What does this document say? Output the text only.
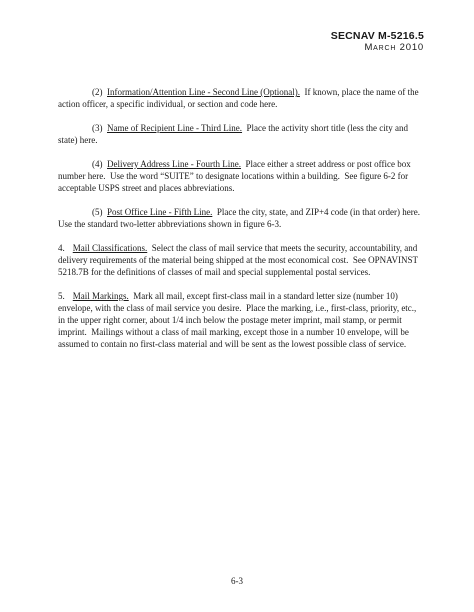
SECNAV M-5216.5
March 2010

(2) Information/Attention Line - Second Line (Optional).  If known, place the name of the action officer, a specific individual, or section and code here.

(3) Name of Recipient Line - Third Line.  Place the activity short title (less the city and state) here.

(4) Delivery Address Line - Fourth Line.  Place either a street address or post office box number here.  Use the word “SUITE” to designate locations within a building.  See figure 6-2 for acceptable USPS street and places abbreviations.

(5) Post Office Line - Fifth Line.  Place the city, state, and ZIP+4 code (in that order) here.  Use the standard two-letter abbreviations shown in figure 6-3.

4. Mail Classifications.  Select the class of mail service that meets the security, accountability, and delivery requirements of the material being shipped at the most economical cost.  See OPNAVINST 5218.7B for the definitions of classes of mail and special supplemental postal services.

5. Mail Markings.  Mark all mail, except first-class mail in a standard letter size (number 10) envelope, with the class of mail service you desire.  Place the marking, i.e., first-class, priority, etc., in the upper right corner, about 1/4 inch below the postage meter imprint, mail stamp, or permit imprint.  Mailings without a class of mail marking, except those in a number 10 envelope, will be assumed to contain no first-class material and will be sent as the lowest possible class of service.

6-3
